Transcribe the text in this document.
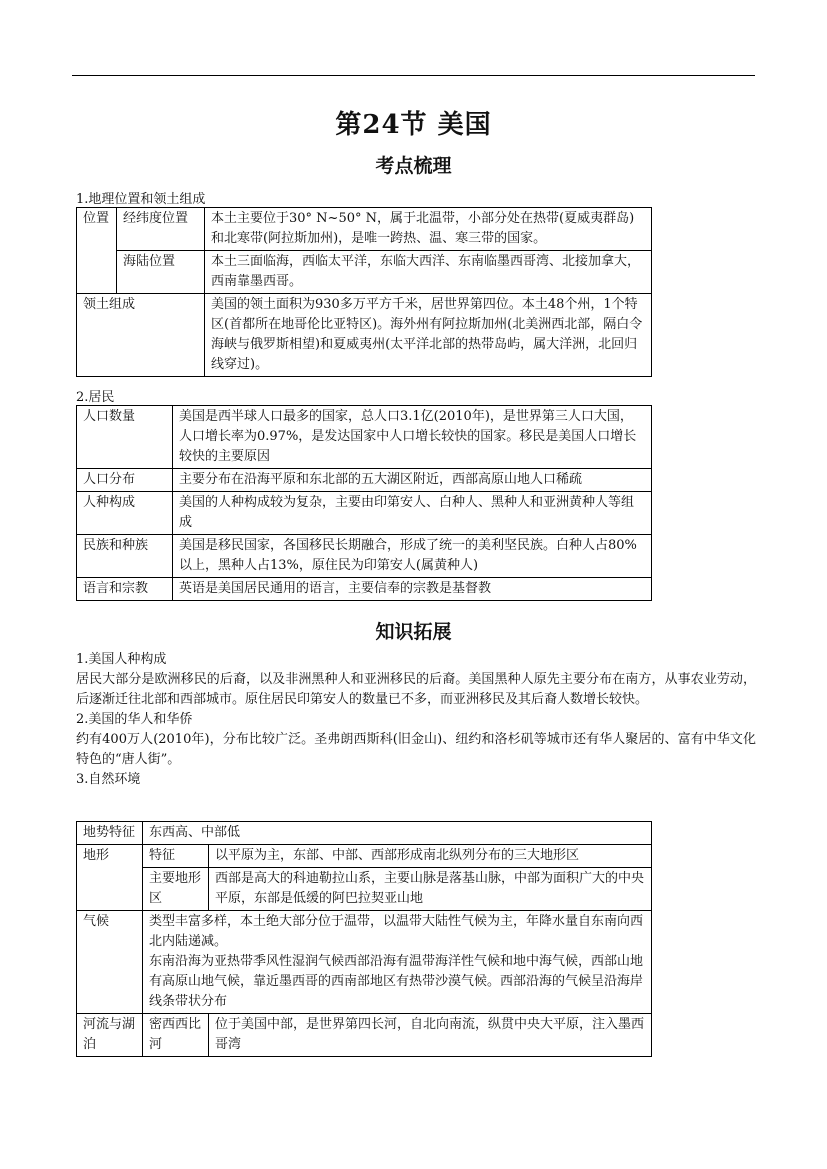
第24节 美国
考点梳理
1.地理位置和领土组成
位置	经纬度位置	本土主要位于30° N~50° N，属于北温带，小部分处在热带(夏威夷群岛)和北寒带(阿拉斯加州)，是唯一跨热、温、寒三带的国家。
	海陆位置	本土三面临海，西临太平洋，东临大西洋、东南临墨西哥湾、北接加拿大，西南靠墨西哥。
领土组成		美国的领土面积为930多万平方千米，居世界第四位。本土48个州，1个特区(首都所在地哥伦比亚特区)。海外州有阿拉斯加州(北美洲西北部，隔白令海峡与俄罗斯相望)和夏威夷州(太平洋北部的热带岛屿，属大洋洲，北回归线穿过)。
2.居民
人口数量	美国是西半球人口最多的国家，总人口3.1亿(2010年)，是世界第三人口大国，人口增长率为0.97%，是发达国家中人口增长较快的国家。移民是美国人口增长较快的主要原因
人口分布	主要分布在沿海平原和东北部的五大湖区附近，西部高原山地人口稀疏
人种构成	美国的人种构成较为复杂，主要由印第安人、白种人、黑种人和亚洲黄种人等组成
民族和种族	美国是移民国家，各国移民长期融合，形成了统一的美利坚民族。白种人占80%以上，黑种人占13%，原住民为印第安人(属黄种人)
语言和宗教	英语是美国居民通用的语言，主要信奉的宗教是基督教
知识拓展

1.美国人种构成

居民大部分是欧洲移民的后裔，以及非洲黑种人和亚洲移民的后裔。美国黑种人原先主要分布在南方，从事农业劳动，后逐渐迁往北部和西部城市。原住居民印第安人的数量已不多，而亚洲移民及其后裔人数增长较快。

2.美国的华人和华侨

约有400万人(2010年)，分布比较广泛。圣弗朗西斯科(旧金山)、纽约和洛杉矶等城市还有华人聚居的、富有中华文化特色的“唐人街”。

3.自然环境

地势特征	东西高、中部低	
地形	特征	以平原为主，东部、中部、西部形成南北纵列分布的三大地形区
	主要地形区	西部是高大的科迪勒拉山系，主要山脉是落基山脉，中部为面积广大的中央平原，东部是低缓的阿巴拉契亚山地
气候	类型丰富多样，本土绝大部分位于温带，以温带大陆性气候为主，年降水量自东南向西北内陆递减。
东南沿海为亚热带季风性湿润气候西部沿海有温带海洋性气候和地中海气候，西部山地有高原山地气候，靠近墨西哥的西南部地区有热带沙漠气候。西部沿海的气候呈沿海岸线条带状分布	

河流与湖泊	密西西比河	位于美国中部，是世界第四长河，自北向南流，纵贯中央大平原，注入墨西哥湾
